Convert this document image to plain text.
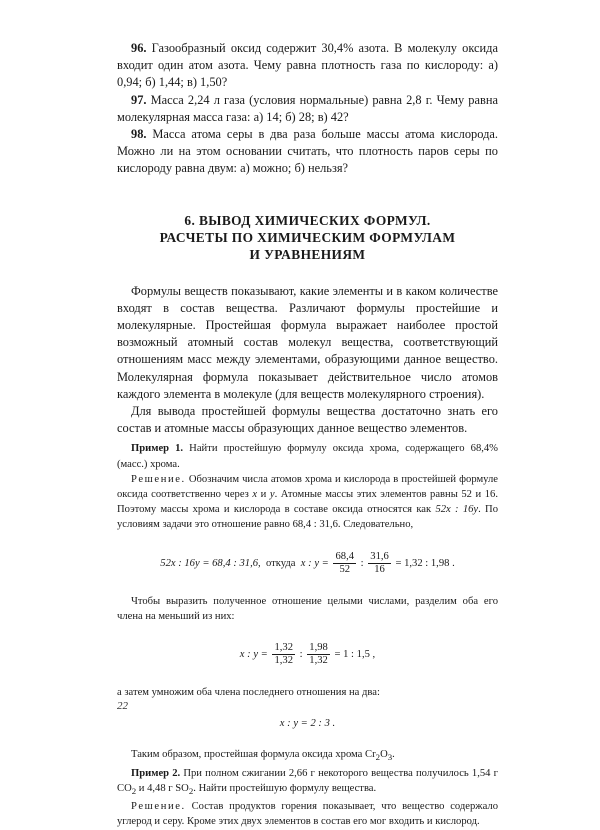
96. Газообразный оксид содержит 30,4% азота. В молекулу оксида входит один атом азота. Чему равна плотность газа по кислороду: а) 0,94; б) 1,44; в) 1,50?

97. Масса 2,24 л газа (условия нормальные) равна 2,8 г. Чему равна молекулярная масса газа: а) 14; б) 28; в) 42?

98. Масса атома серы в два раза больше массы атома кислорода. Можно ли на этом основании считать, что плотность паров серы по кислороду равна двум: а) можно; б) нельзя?

6. ВЫВОД ХИМИЧЕСКИХ ФОРМУЛ.
РАСЧЕТЫ ПО ХИМИЧЕСКИМ ФОРМУЛАМ
И УРАВНЕНИЯМ

Формулы веществ показывают, какие элементы и в каком количестве входят в состав вещества. Различают формулы простейшие и молекулярные. Простейшая формула выражает наиболее простой возможный атомный состав молекул вещества, соответствующий отношениям масс между элементами, образующими данное вещество. Молекулярная формула показывает действительное число атомов каждого элемента в молекуле (для веществ молекулярного строения).

Для вывода простейшей формулы вещества достаточно знать его состав и атомные массы образующих данное вещество элементов.

Пример 1. Найти простейшую формулу оксида хрома, содержащего 68,4% (масс.) хрома.

Решение. Обозначим числа атомов хрома и кислорода в простейшей формуле оксида соответственно через x и y. Атомные массы этих элементов равны 52 и 16. Поэтому массы хрома и кислорода в составе оксида относятся как 52x : 16y. По условиям задачи это отношение равно 68,4 : 31,6. Следовательно,

52x : 16y = 68,4 : 31,6, откуда x : $y = \frac{68,4}{52}$ : $\frac{31,6}{16} = 1,32$ : 1,98 .

Чтобы выразить полученное отношение целыми числами, разделим оба его члена на меньший из них:

x : $y = \frac{1,32}{1,32}$ : $\frac{1,98}{1,32} = 1$ : 1,5 ,

а затем умножим оба члена последнего отношения на два:

x : y = 2 : 3 .

Таким образом, простейшая формула оксида хрома $Cr_2O_3$.

Пример 2. При полном сжигании 2,66 г некоторого вещества получилось 1,54 г $CO_2$ и 4,48 г $SO_2$. Найти простейшую формулу вещества.

Решение. Состав продуктов горения показывает, что вещество содержало углерод и серу. Кроме этих двух элементов в состав его мог входить и кислород.

22
